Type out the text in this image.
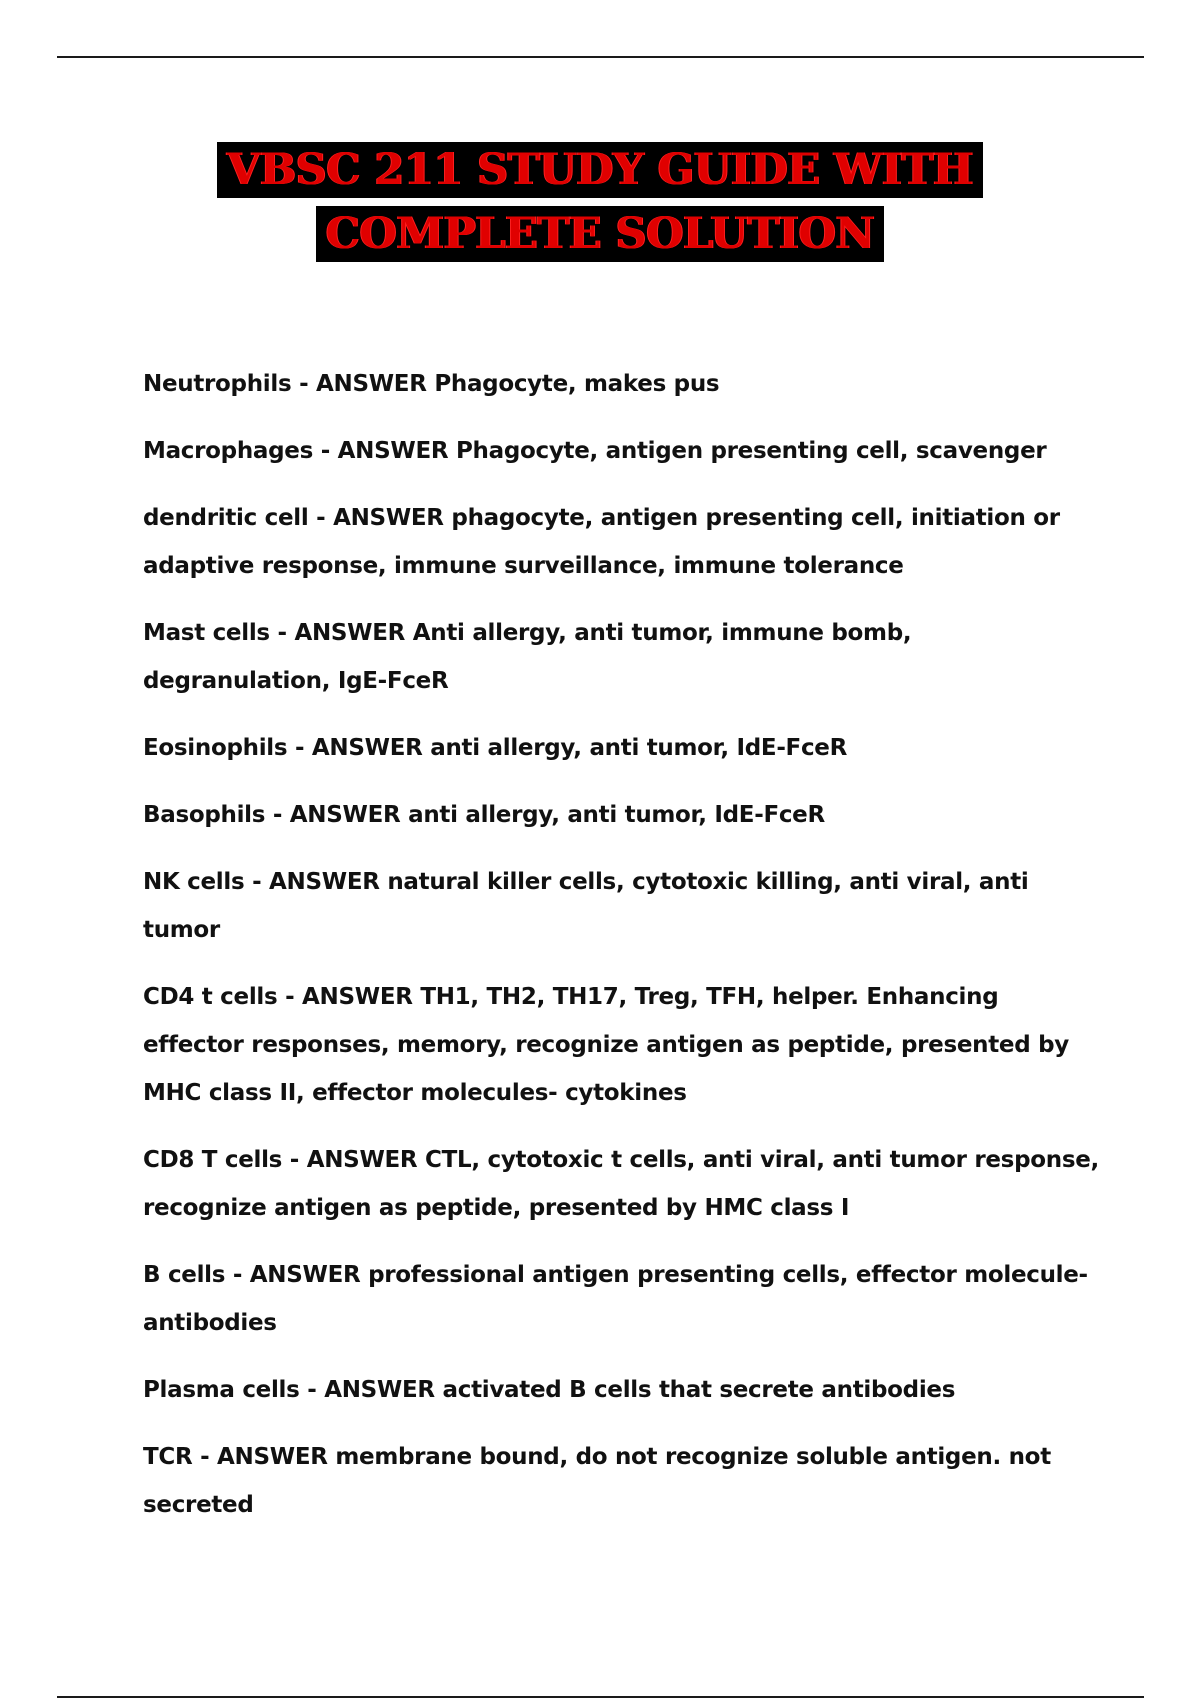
VBSC 211 STUDY GUIDE WITH
COMPLETE SOLUTION
Neutrophils - ANSWER Phagocyte, makes pus
Macrophages - ANSWER Phagocyte, antigen presenting cell, scavenger
dendritic cell - ANSWER phagocyte, antigen presenting cell, initiation or adaptive response, immune surveillance, immune tolerance
Mast cells - ANSWER Anti allergy, anti tumor, immune bomb, degranulation, IgE-FceR
Eosinophils - ANSWER anti allergy, anti tumor, IdE-FceR
Basophils - ANSWER anti allergy, anti tumor, IdE-FceR
NK cells - ANSWER natural killer cells, cytotoxic killing, anti viral, anti tumor
CD4 t cells - ANSWER TH1, TH2, TH17, Treg, TFH, helper. Enhancing effector responses, memory, recognize antigen as peptide, presented by MHC class II, effector molecules- cytokines
CD8 T cells - ANSWER CTL, cytotoxic t cells, anti viral, anti tumor response, recognize antigen as peptide, presented by HMC class I
B cells - ANSWER professional antigen presenting cells, effector molecule- antibodies
Plasma cells - ANSWER activated B cells that secrete antibodies
TCR - ANSWER membrane bound, do not recognize soluble antigen. not secreted
